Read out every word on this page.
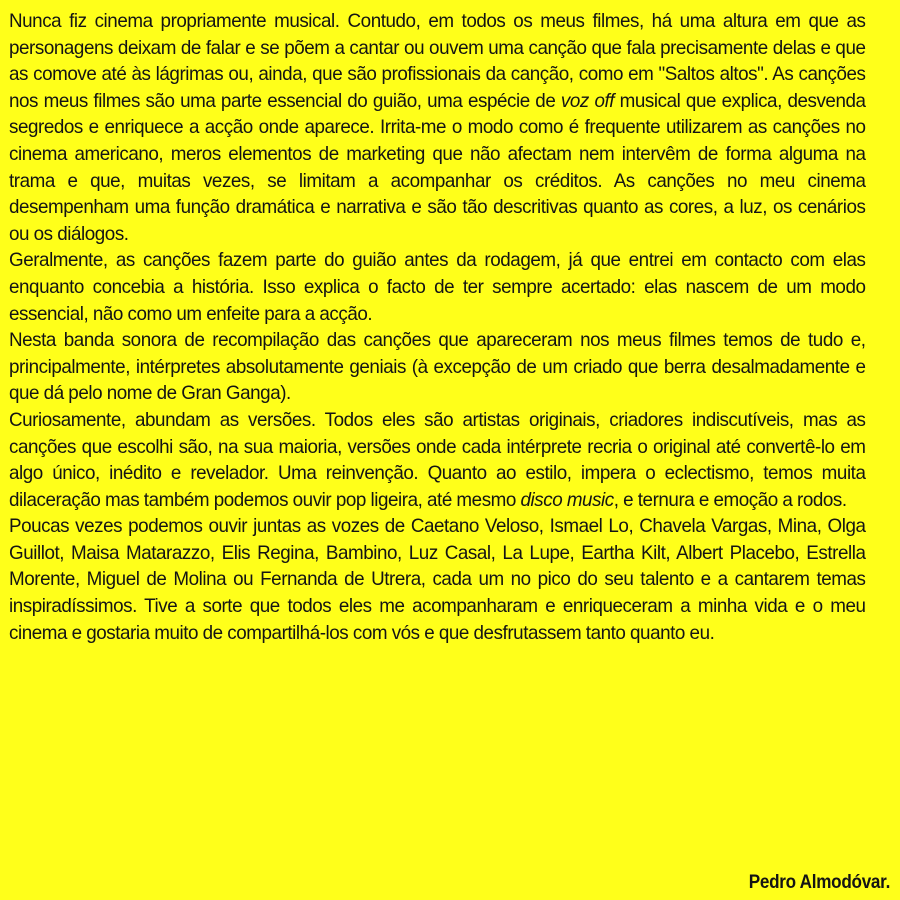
Nunca fiz cinema propriamente musical. Contudo, em todos os meus filmes, há uma altura em que as personagens deixam de falar e se põem a cantar ou ouvem uma canção que fala precisamente delas e que as comove até às lágrimas ou, ainda, que são profissionais da canção, como em "Saltos altos". As canções nos meus filmes são uma parte essencial do guião, uma espécie de voz off musical que explica, desvenda segredos e enriquece a acção onde aparece. Irrita-me o modo como é frequente utilizarem as canções no cinema americano, meros elementos de marketing que não afectam nem intervêm de forma alguma na trama e que, muitas vezes, se limitam a acompanhar os créditos. As canções no meu cinema desempenham uma função dramática e narrativa e são tão descritivas quanto as cores, a luz, os cenários ou os diálogos.

Geralmente, as canções fazem parte do guião antes da rodagem, já que entrei em contacto com elas enquanto concebia a história. Isso explica o facto de ter sempre acertado: elas nascem de um modo essencial, não como um enfeite para a acção.

Nesta banda sonora de recompilação das canções que apareceram nos meus filmes temos de tudo e, principalmente, intérpretes absolutamente geniais (à excepção de um criado que berra desalmadamente e que dá pelo nome de Gran Ganga).

Curiosamente, abundam as versões. Todos eles são artistas originais, criadores indiscutíveis, mas as canções que escolhi são, na sua maioria, versões onde cada intérprete recria o original até convertê-lo em algo único, inédito e revelador. Uma reinvenção. Quanto ao estilo, impera o eclectismo, temos muita dilaceração mas também podemos ouvir pop ligeira, até mesmo disco music, e ternura e emoção a rodos.

Poucas vezes podemos ouvir juntas as vozes de Caetano Veloso, Ismael Lo, Chavela Vargas, Mina, Olga Guillot, Maisa Matarazzo, Elis Regina, Bambino, Luz Casal, La Lupe, Eartha Kilt, Albert Placebo, Estrella Morente, Miguel de Molina ou Fernanda de Utrera, cada um no pico do seu talento e a cantarem temas inspiradíssimos. Tive a sorte que todos eles me acompanharam e enriqueceram a minha vida e o meu cinema e gostaria muito de compartilhá-los com vós e que desfrutassem tanto quanto eu.

Pedro Almodóvar.
